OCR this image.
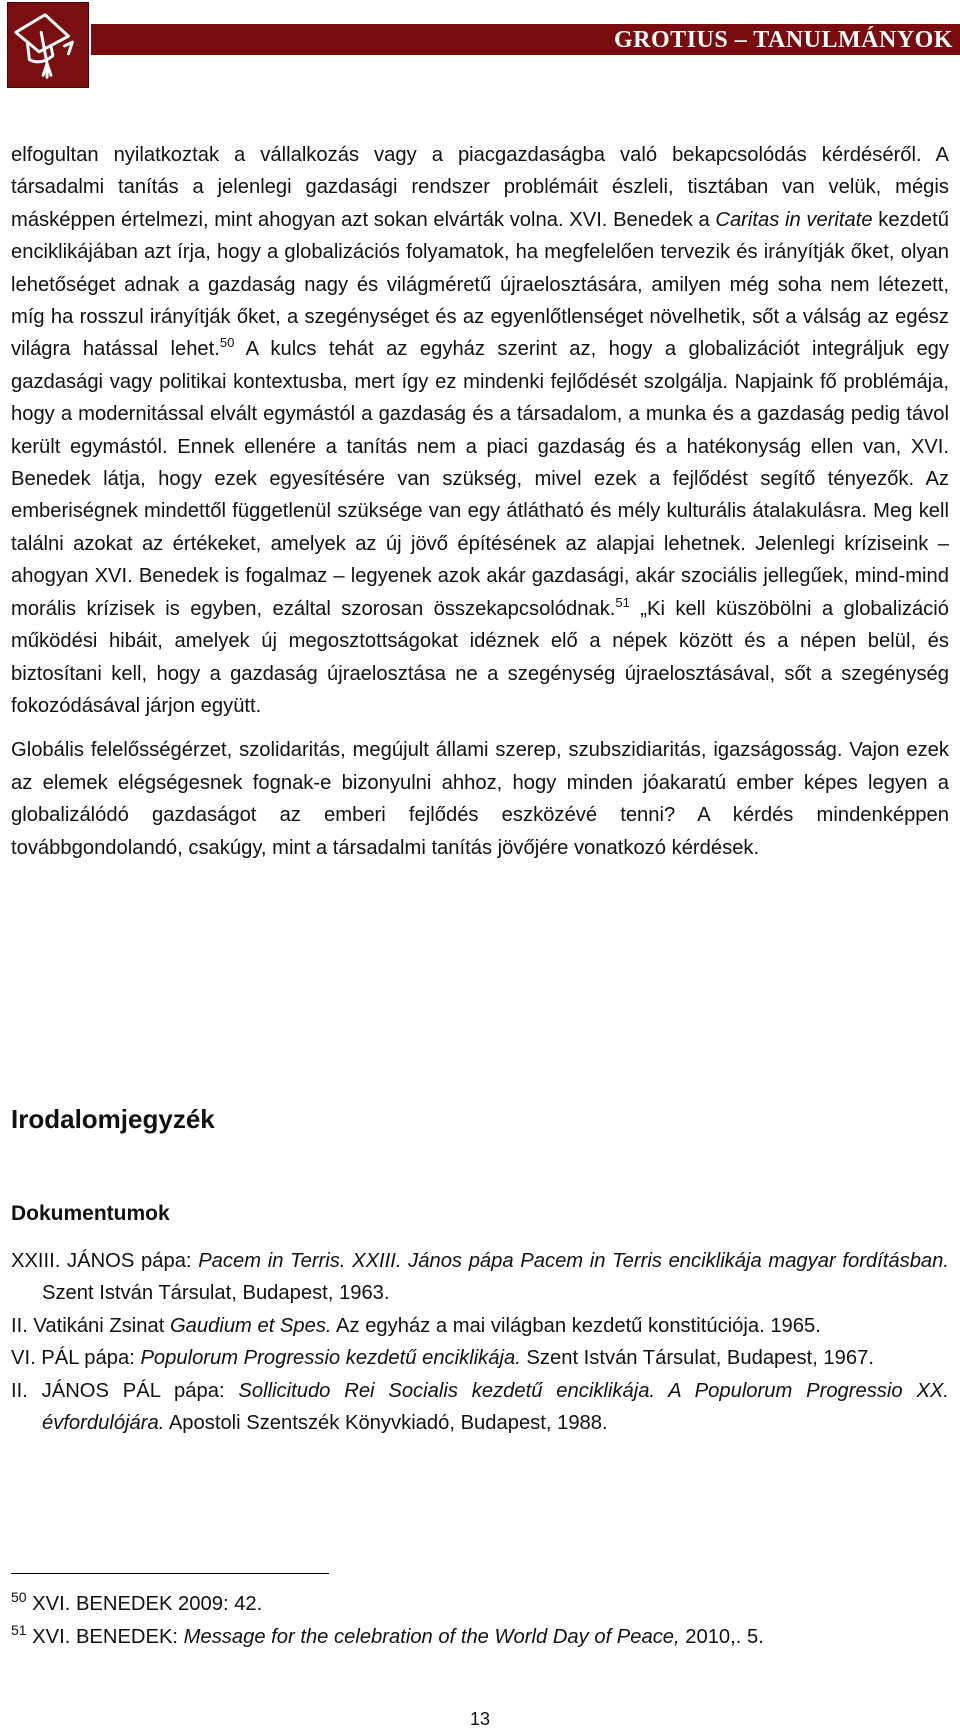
GROTIUS – TANULMÁNYOK

elfogultan nyilatkoztak a vállalkozás vagy a piacgazdaságba való bekapcsolódás kérdéséről. A társadalmi tanítás a jelenlegi gazdasági rendszer problémáit észleli, tisztában van velük, mégis másképpen értelmezi, mint ahogyan azt sokan elvárták volna. XVI. Benedek a Caritas in veritate kezdetű enciklikájában azt írja, hogy a globalizációs folyamatok, ha megfelelően tervezik és irányítják őket, olyan lehetőséget adnak a gazdaság nagy és világméretű újraelosztására, amilyen még soha nem létezett, míg ha rosszul irányítják őket, a szegénységet és az egyenlőtlenséget növelhetik, sőt a válság az egész világra hatással lehet.$^{50}$ A kulcs tehát az egyház szerint az, hogy a globalizációt integráljuk egy gazdasági vagy politikai kontextusba, mert így ez mindenki fejlődését szolgálja. Napjaink fő problémája, hogy a modernitással elvált egymástól a gazdaság és a társadalom, a munka és a gazdaság pedig távol került egymástól. Ennek ellenére a tanítás nem a piaci gazdaság és a hatékonyság ellen van, XVI. Benedek látja, hogy ezek egyesítésére van szükség, mivel ezek a fejlődést segítő tényezők. Az emberiségnek mindettől függetlenül szüksége van egy átlátható és mély kulturális átalakulásra. Meg kell találni azokat az értékeket, amelyek az új jövő építésének az alapjai lehetnek. Jelenlegi krízisеink – ahogyan XVI. Benedek is fogalmaz – legyenek azok akár gazdasági, akár szociális jellegűek, mind-mind morális krízisek is egyben, ezáltal szorosan összekapcsolódnak.$^{51}$ „Ki kell küszöbölni a globalizáció működési hibáit, amelyek új megosztottságokat idéznek elő a népek között és a népen belül, és biztosítani kell, hogy a gazdaság újraelosztása ne a szegénység újraelosztásával, sőt a szegénység fokozódásával járjon együtt.

Globális felelősségérzet, szolidaritás, megújult állami szerep, szubszidiaritás, igazságosság. Vajon ezek az elemek elégségesnek fognak-e bizonyulni ahhoz, hogy minden jóakaratú ember képes legyen a globalizálódó gazdaságot az emberi fejlődés eszközévé tenni? A kérdés mindenképpen továbbgondolandó, csakúgy, mint a társadalmi tanítás jövőjére vonatkozó kérdések.

Irodalomjegyzék
Dokumentumok

XXIII. JÁNOS pápa: Pacem in Terris. XXIII. János pápa Pacem in Terris enciklikája magyar fordításban. Szent István Társulat, Budapest, 1963.

II. Vatikáni Zsinat Gaudium et Spes. Az egyház a mai világban kezdetű konstitúciója. 1965.

VI. PÁL pápa: Populorum Progressio kezdetű enciklikája. Szent István Társulat, Budapest, 1967.

II. JÁNOS PÁL pápa: Sollicitudo Rei Socialis kezdetű enciklikája. A Populorum Progressio XX. évfordulójára. Apostoli Szentszék Könyvkiadó, Budapest, 1988.

$^{50}$ XVI. BENEDEK 2009: 42.
$^{51}$ XVI. BENEDEK: Message for the celebration of the World Day of Peace, 2010,. 5.
13
